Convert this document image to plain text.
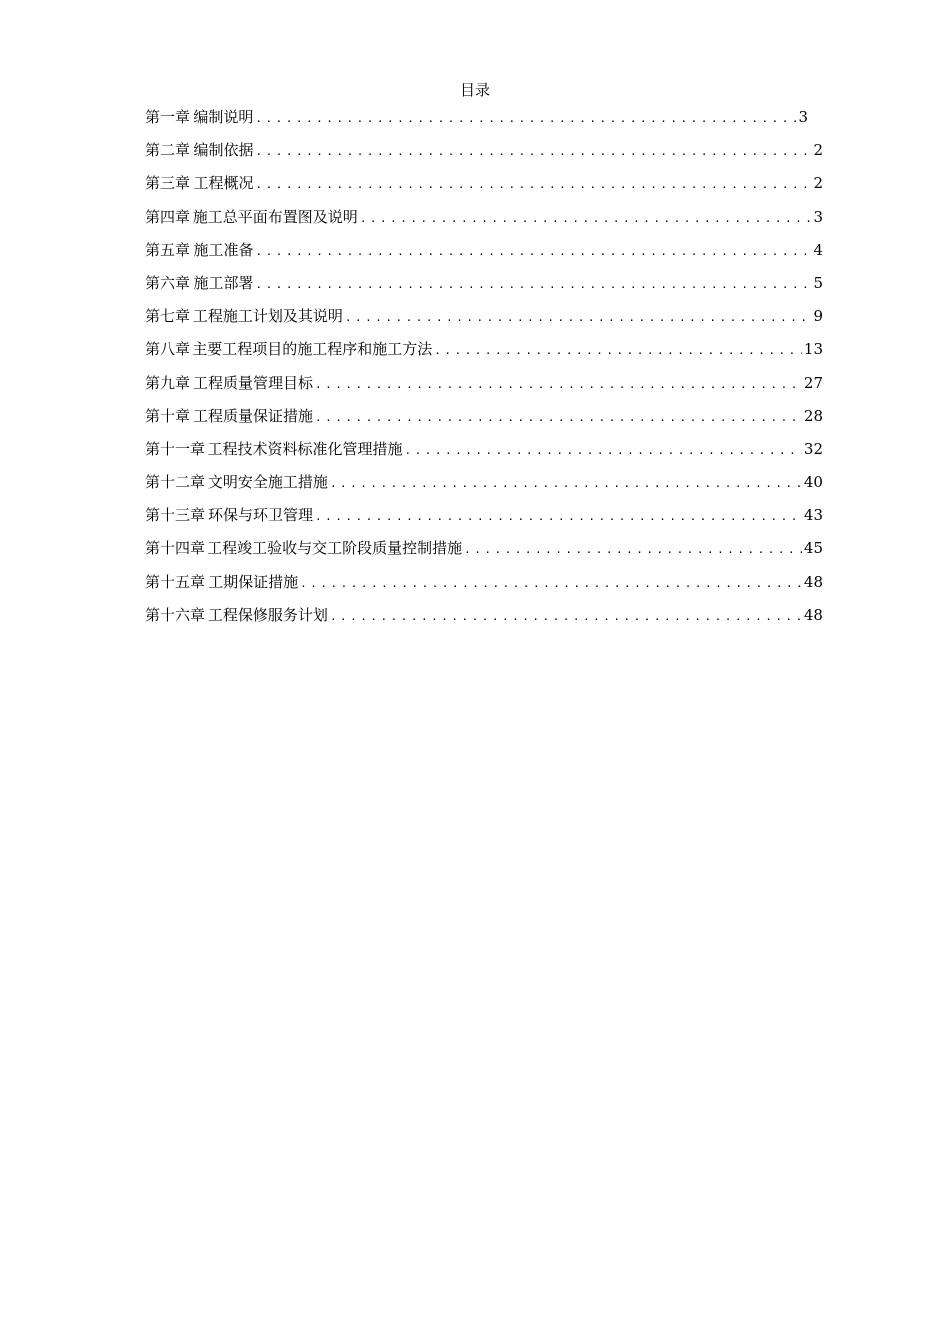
目录
第一章 编制说明 .....	3
第二章 编制依据 .....	2
第三章 工程概况 .....	2
第四章 施工总平面布置图及说明 .....	3
第五章 施工准备 .....	4
第六章 施工部署 .....	5
第七章 工程施工计划及其说明 .....	9
第八章 主要工程项目的施工程序和施工方法 .....	13
第九章 工程质量管理目标 .....	27
第十章 工程质量保证措施 .....	28
第十一章 工程技术资料标准化管理措施 .....	32
第十二章 文明安全施工措施 .....	40
第十三章 环保与环卫管理 .....	43
第十四章 工程竣工验收与交工阶段质量控制措施 .....	45
第十五章 工期保证措施 .....	48
第十六章 工程保修服务计划 .....	48
